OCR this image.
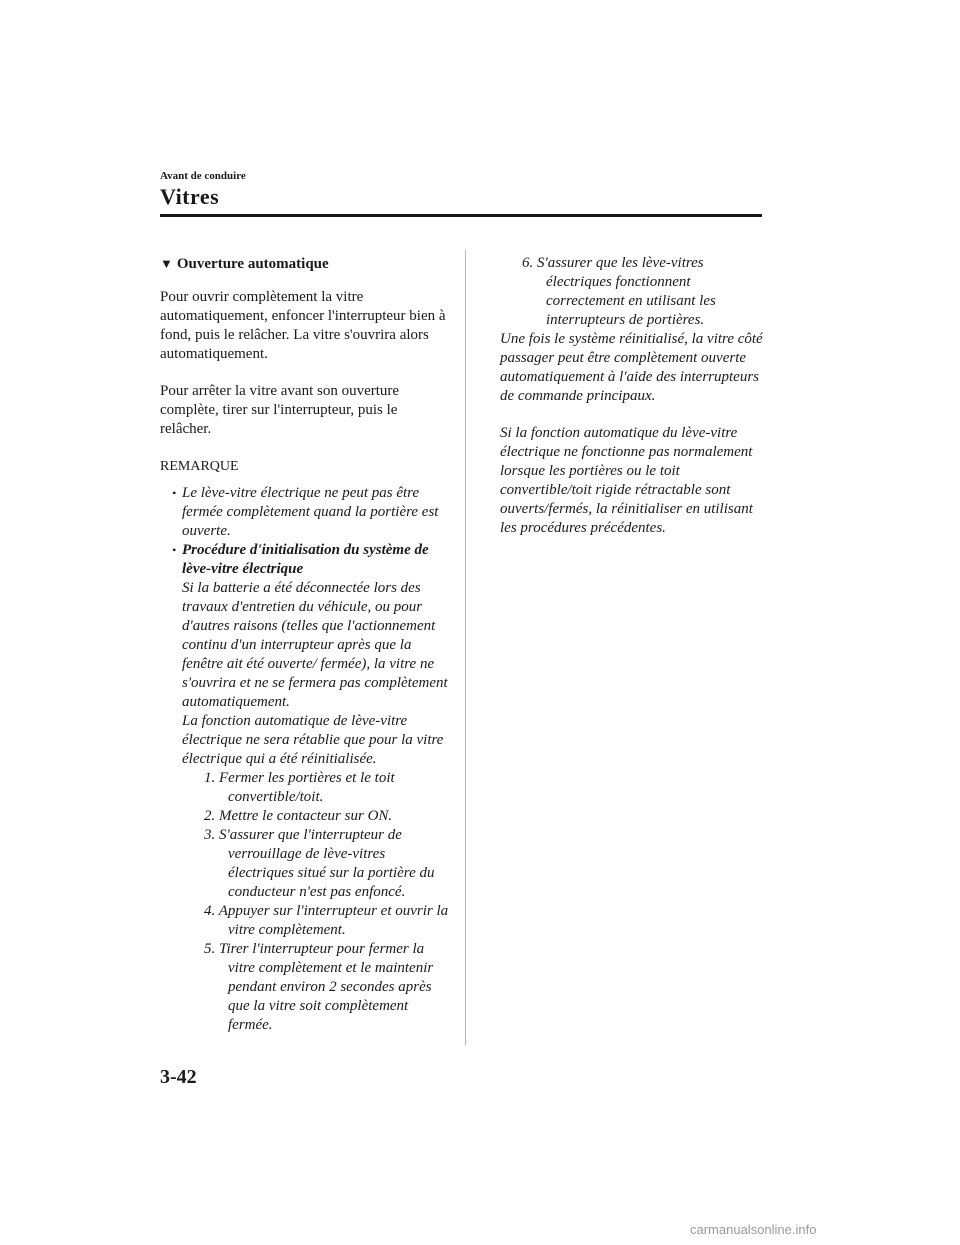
Avant de conduire
Vitres
▼ Ouverture automatique

Pour ouvrir complètement la vitre automatiquement, enfoncer l'interrupteur bien à fond, puis le relâcher. La vitre s'ouvrira alors automatiquement.

Pour arrêter la vitre avant son ouverture complète, tirer sur l'interrupteur, puis le relâcher.

REMARQUE

• Le lève-vitre électrique ne peut pas être fermée complètement quand la portière est ouverte.
• Procédure d'initialisation du système de lève-vitre électrique
Si la batterie a été déconnectée lors des travaux d'entretien du véhicule, ou pour d'autres raisons (telles que l'actionnement continu d'un interrupteur après que la fenêtre ait été ouverte/ fermée), la vitre ne s'ouvrira et ne se fermera pas complètement automatiquement.
La fonction automatique de lève-vitre électrique ne sera rétablie que pour la vitre électrique qui a été réinitialisée.
1. Fermer les portières et le toit convertible/toit.
2. Mettre le contacteur sur ON.
3. S'assurer que l'interrupteur de verrouillage de lève-vitres électriques situé sur la portière du conducteur n'est pas enfoncé.
4. Appuyer sur l'interrupteur et ouvrir la vitre complètement.
5. Tirer l'interrupteur pour fermer la vitre complètement et le maintenir pendant environ 2 secondes après que la vitre soit complètement fermée.
6. S'assurer que les lève-vitres électriques fonctionnent correctement en utilisant les interrupteurs de portières.

Une fois le système réinitialisé, la vitre côté passager peut être complètement ouverte automatiquement à l'aide des interrupteurs de commande principaux.

Si la fonction automatique du lève-vitre électrique ne fonctionne pas normalement lorsque les portières ou le toit convertible/toit rigide rétractable sont ouverts/fermés, la réinitialiser en utilisant les procédures précédentes.

3-42
carmanualsonline.info
